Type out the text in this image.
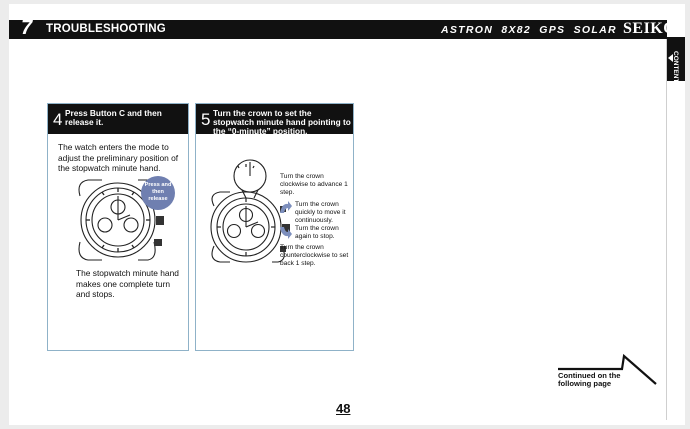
7 TROUBLESHOOTING	ASTRON 8X82 GPS SOLAR SEIKO
CONTENTS
4 Press Button C and then release it.
The watch enters the mode to adjust the preliminary position of the stopwatch minute hand.
Press and then release
The stopwatch minute hand makes one complete turn and stops.
5 Turn the crown to set the stopwatch minute hand pointing to the “0-minute” position.
Turn the crown clockwise to advance 1 step.
Turn the crown quickly to move it continuously.
Turn the crown again to stop.
Turn the crown counterclockwise to set back 1 step.
Continued on the following page
48
